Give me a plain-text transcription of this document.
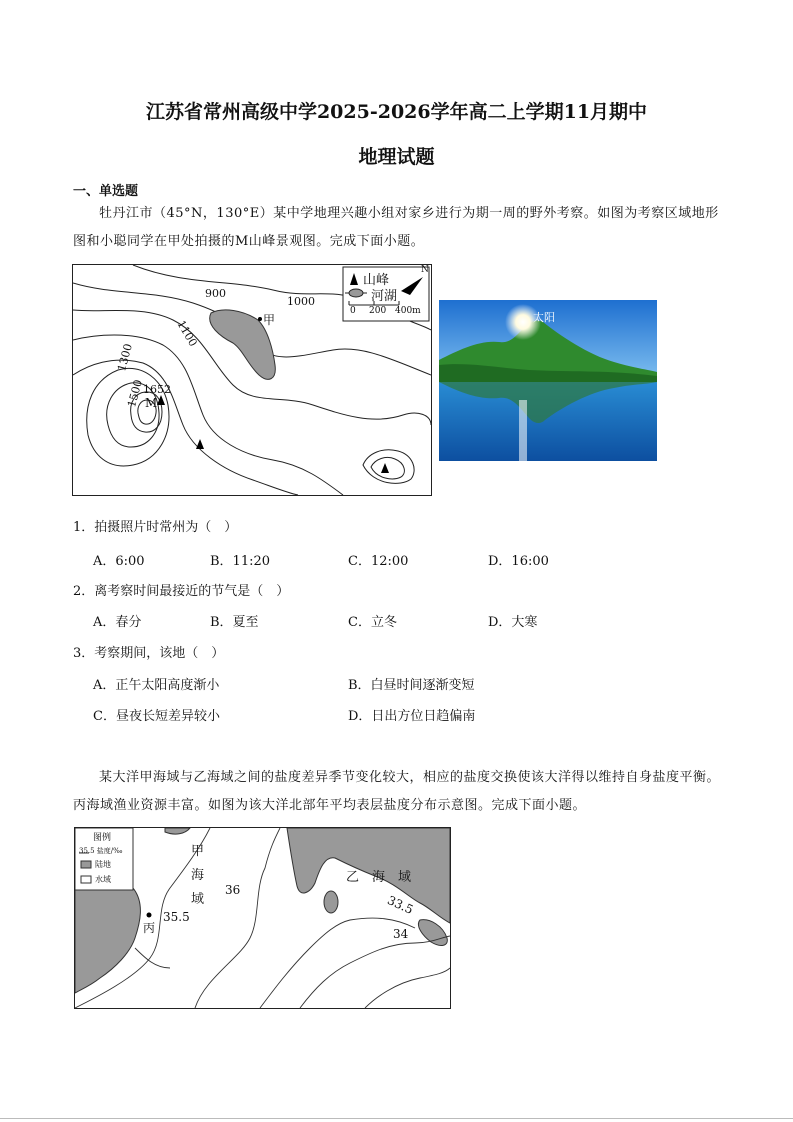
江苏省常州高级中学2025-2026学年高二上学期11月期中
地理试题
一、单选题
牡丹江市（45°N，130°E）某中学地理兴趣小组对家乡进行为期一周的野外考察。如图为考察区域地形图和小聪同学在甲处拍摄的M山峰景观图。完成下面小题。
900
1000
1100
1300
1500
1652
M
甲
山峰
河湖
N
0 200 400m	太阳
1．拍摄照片时常州为（　）
A．6:00	B．11:20	C．12:00	D．16:00
2．离考察时间最接近的节气是（　）
A．春分	B．夏至	C．立冬	D．大寒
3．考察期间，该地（　）
A．正午太阳高度渐小	B．白昼时间逐渐变短
C．昼夜长短差异较小	D．日出方位日趋偏南
某大洋甲海域与乙海域之间的盐度差异季节变化较大，相应的盐度交换使该大洋得以维持自身盐度平衡。丙海域渔业资源丰富。如图为该大洋北部年平均表层盐度分布示意图。完成下面小题。
图例
35.5 盐度/‰
陆地
水域
甲
海
域
乙　海　域
丙
36
35.5
33.5
34
